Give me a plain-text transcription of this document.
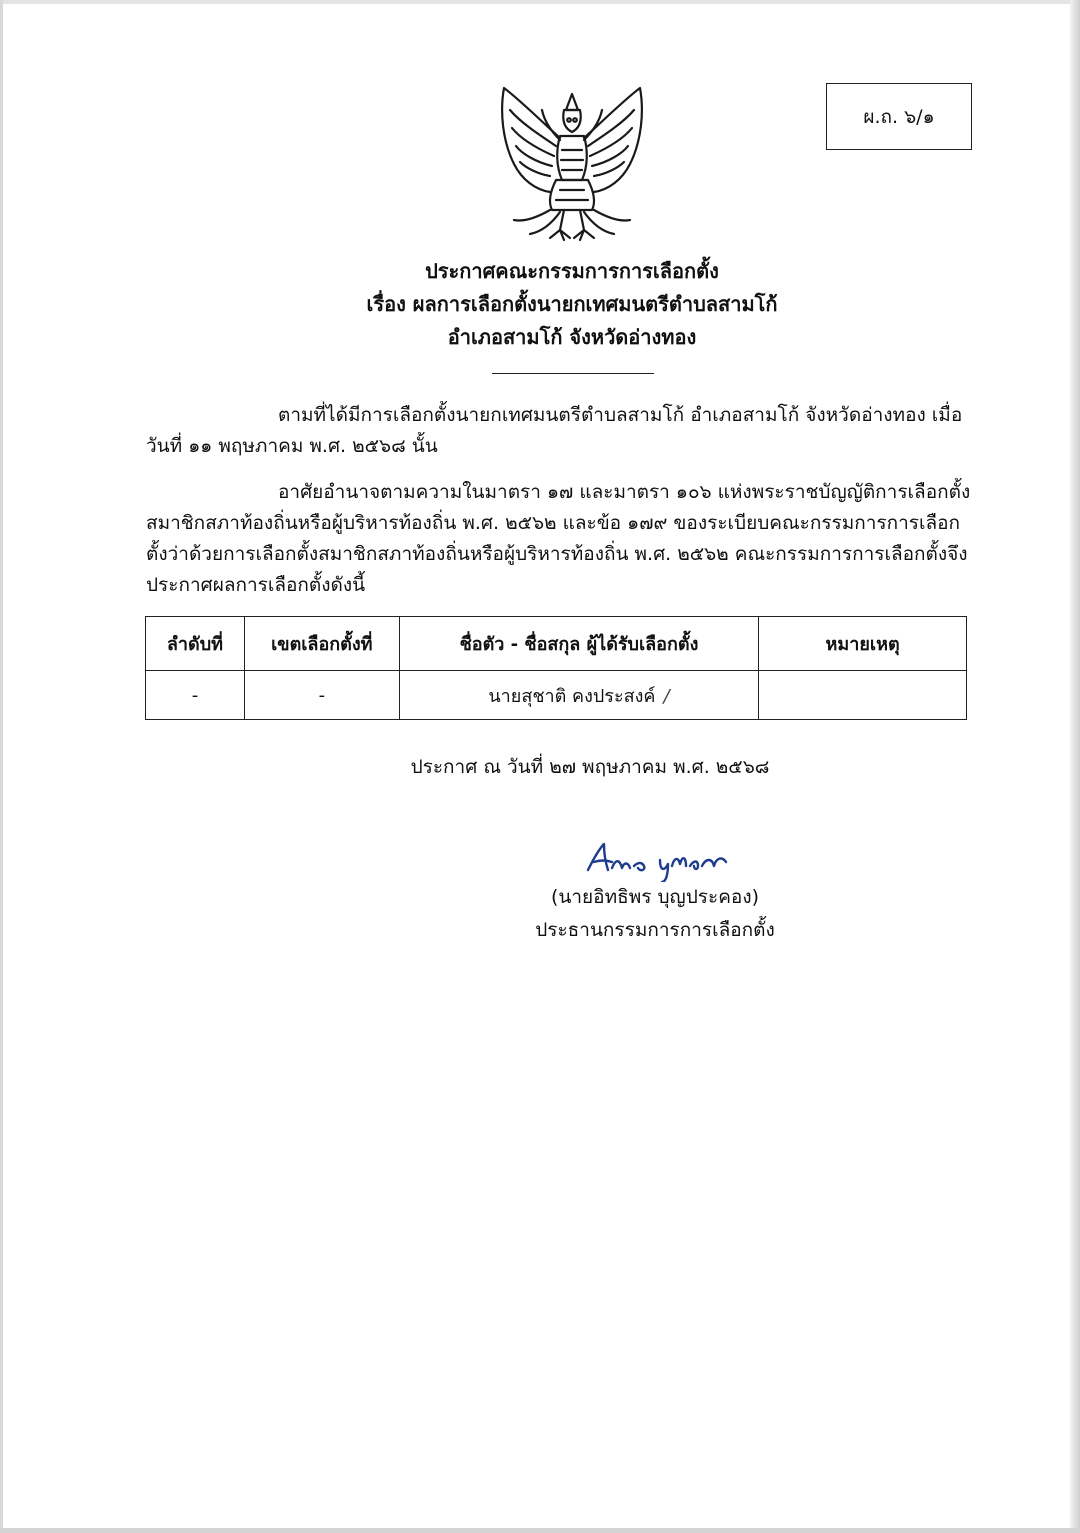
ผ.ถ. ๖/๑
ประกาศคณะกรรมการการเลือกตั้ง
เรื่อง ผลการเลือกตั้งนายกเทศมนตรีตำบลสามโก้
อำเภอสามโก้ จังหวัดอ่างทอง

ตามที่ได้มีการเลือกตั้งนายกเทศมนตรีตำบลสามโก้ อำเภอสามโก้ จังหวัดอ่างทอง เมื่อวันที่ ๑๑ พฤษภาคม พ.ศ. ๒๕๖๘ นั้น

อาศัยอำนาจตามความในมาตรา ๑๗ และมาตรา ๑๐๖ แห่งพระราชบัญญัติการเลือกตั้งสมาชิกสภาท้องถิ่นหรือผู้บริหารท้องถิ่น พ.ศ. ๒๕๖๒ และข้อ ๑๗๙ ของระเบียบคณะกรรมการการเลือกตั้งว่าด้วยการเลือกตั้งสมาชิกสภาท้องถิ่นหรือผู้บริหารท้องถิ่น พ.ศ. ๒๕๖๒ คณะกรรมการการเลือกตั้งจึงประกาศผลการเลือกตั้งดังนี้

ลำดับที่	เขตเลือกตั้งที่	ชื่อตัว - ชื่อสกุล ผู้ได้รับเลือกตั้ง	หมายเหตุ
-	-	นายสุชาติ คงประสงค์ /	
ประกาศ ณ วันที่ ๒๗ พฤษภาคม พ.ศ. ๒๕๖๘
(นายอิทธิพร บุญประคอง)
ประธานกรรมการการเลือกตั้ง
